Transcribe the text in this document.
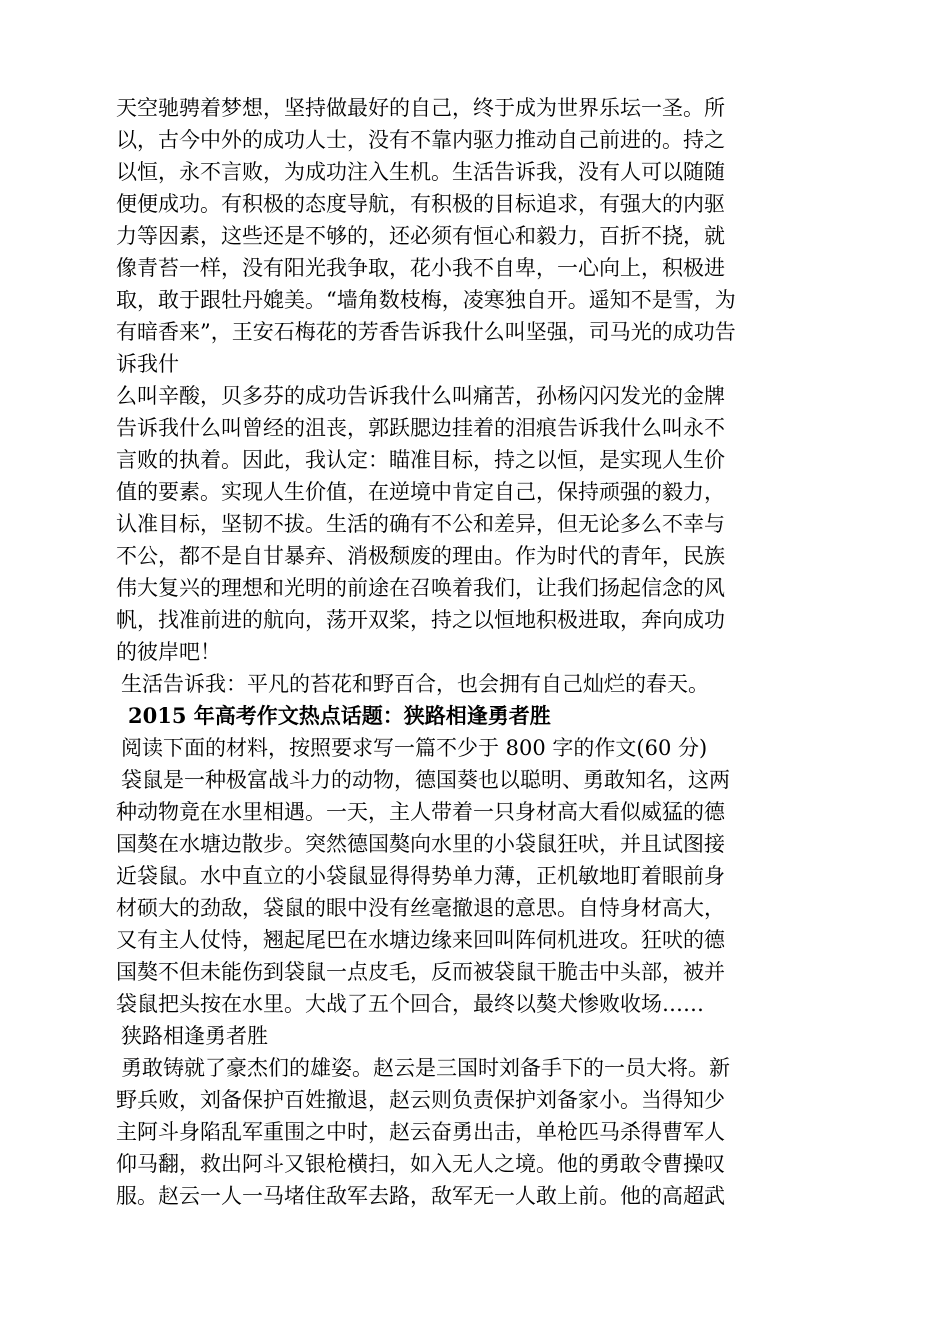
天空驰骋着梦想，坚持做最好的自己，终于成为世界乐坛一圣。所
以，古今中外的成功人士，没有不靠内驱力推动自己前进的。持之
以恒，永不言败，为成功注入生机。生活告诉我，没有人可以随随
便便成功。有积极的态度导航，有积极的目标追求，有强大的内驱
力等因素，这些还是不够的，还必须有恒心和毅力，百折不挠，就
像青苔一样，没有阳光我争取，花小我不自卑，一心向上，积极进
取，敢于跟牡丹媲美。“墙角数枝梅，凌寒独自开。遥知不是雪，为
有暗香来”，王安石梅花的芳香告诉我什么叫坚强，司马光的成功告
诉我什
么叫辛酸，贝多芬的成功告诉我什么叫痛苦，孙杨闪闪发光的金牌
告诉我什么叫曾经的沮丧，郭跃腮边挂着的泪痕告诉我什么叫永不
言败的执着。因此，我认定：瞄准目标，持之以恒，是实现人生价
值的要素。实现人生价值，在逆境中肯定自己，保持顽强的毅力，
认准目标，坚韧不拔。生活的确有不公和差异，但无论多么不幸与
不公，都不是自甘暴弃、消极颓废的理由。作为时代的青年，民族
伟大复兴的理想和光明的前途在召唤着我们，让我们扬起信念的风
帆，找准前进的航向，荡开双桨，持之以恒地积极进取，奔向成功
的彼岸吧！
生活告诉我：平凡的苔花和野百合，也会拥有自己灿烂的春天。
2015 年高考作文热点话题：狭路相逢勇者胜
阅读下面的材料，按照要求写一篇不少于 800 字的作文(60 分)
袋鼠是一种极富战斗力的动物，德国葵也以聪明、勇敢知名，这两
种动物竟在水里相遇。一天，主人带着一只身材高大看似威猛的德
国獒在水塘边散步。突然德国獒向水里的小袋鼠狂吠，并且试图接
近袋鼠。水中直立的小袋鼠显得得势单力薄，正机敏地盯着眼前身
材硕大的劲敌，袋鼠的眼中没有丝毫撤退的意思。自恃身材高大，
又有主人仗恃，翘起尾巴在水塘边缘来回叫阵伺机进攻。狂吠的德
国獒不但未能伤到袋鼠一点皮毛，反而被袋鼠干脆击中头部，被并
袋鼠把头按在水里。大战了五个回合，最终以獒犬惨败收场……
狭路相逢勇者胜
勇敢铸就了豪杰们的雄姿。赵云是三国时刘备手下的一员大将。新
野兵败，刘备保护百姓撤退，赵云则负责保护刘备家小。当得知少
主阿斗身陷乱军重围之中时，赵云奋勇出击，单枪匹马杀得曹军人
仰马翻，救出阿斗又银枪横扫，如入无人之境。他的勇敢令曹操叹
服。赵云一人一马堵住敌军去路，敌军无一人敢上前。他的高超武
